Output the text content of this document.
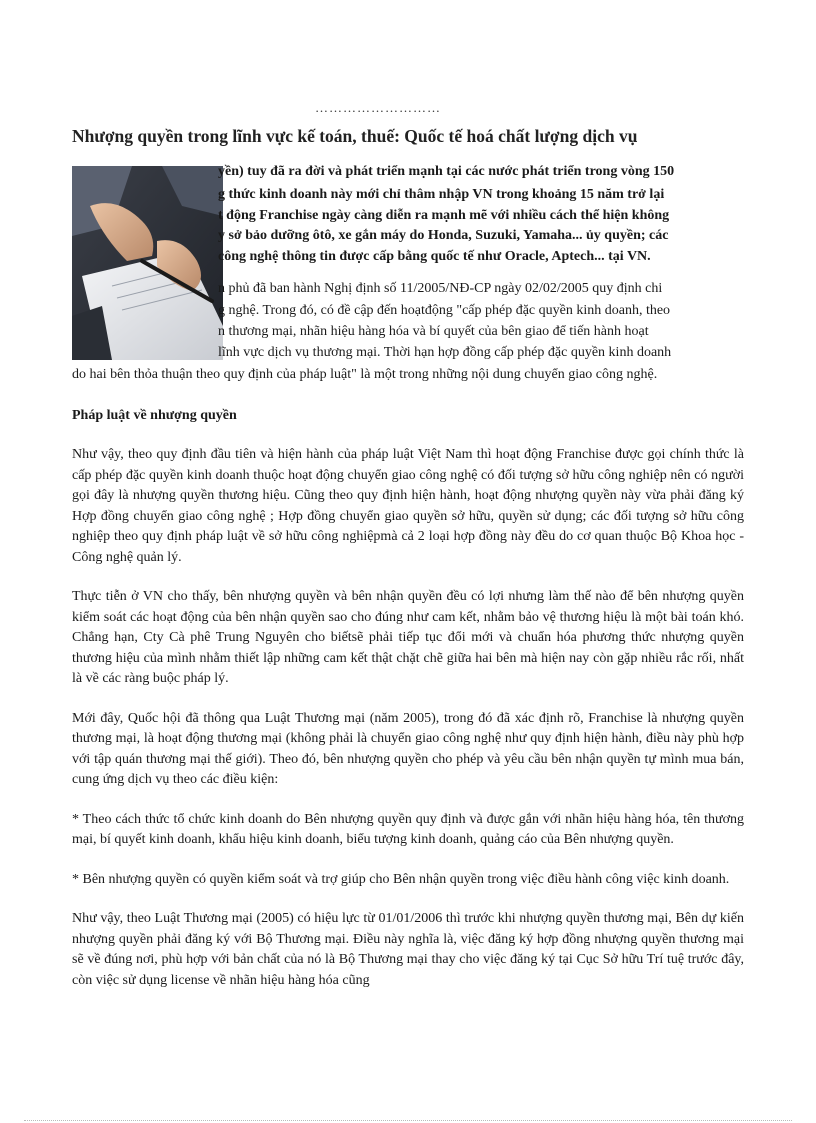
………………………
Nhượng quyền trong lĩnh vực kế toán, thuế: Quốc tế hoá chất lượng dịch vụ
yền) tuy đã ra đời và phát triển mạnh tại các nước phát triển trong vòng 150
g thức kinh doanh này mới chỉ thâm nhập VN trong khoảng 15 năm trở lại
t động Franchise ngày càng diễn ra mạnh mẽ với nhiều cách thể hiện không
y sở bảo dưỡng ôtô, xe gắn máy do Honda, Suzuki, Yamaha... ủy quyền; các
công nghệ thông tin được cấp bằng quốc tế như Oracle, Aptech... tại VN.
n phủ đã ban hành Nghị định số 11/2005/NĐ-CP ngày 02/02/2005 quy định chi
g nghệ. Trong đó, có đề cập đến hoạtđộng "cấp phép đặc quyền kinh doanh, theo
n thương mại, nhãn hiệu hàng hóa và bí quyết của bên giao để tiến hành hoạt
lĩnh vực dịch vụ thương mại. Thời hạn hợp đồng cấp phép đặc quyền kinh doanh
do hai bên thỏa thuận theo quy định của pháp luật" là một trong những nội dung chuyển giao công nghệ.
Pháp luật về nhượng quyền

Như vậy, theo quy định đầu tiên và hiện hành của pháp luật Việt Nam thì hoạt động Franchise được gọi chính thức là cấp phép đặc quyền kinh doanh thuộc hoạt động chuyển giao công nghệ có đối tượng sở hữu công nghiệp nên có người gọi đây là nhượng quyền thương hiệu. Cũng theo quy định hiện hành, hoạt động nhượng quyền này vừa phải đăng ký Hợp đồng chuyển giao công nghệ ; Hợp đồng chuyển giao quyền sở hữu, quyền sử dụng; các đối tượng sở hữu công nghiệp theo quy định pháp luật về sở hữu công nghiệpmà cả 2 loại hợp đồng này đều do cơ quan thuộc Bộ Khoa học - Công nghệ quản lý.

Thực tiễn ở VN cho thấy, bên nhượng quyền và bên nhận quyền đều có lợi nhưng làm thế nào để bên nhượng quyền kiểm soát các hoạt động của bên nhận quyền sao cho đúng như cam kết, nhằm bảo vệ thương hiệu là một bài toán khó. Chẳng hạn, Cty Cà phê Trung Nguyên cho biếtsẽ phải tiếp tục đổi mới và chuẩn hóa phương thức nhượng quyền thương hiệu của mình nhằm thiết lập những cam kết thật chặt chẽ giữa hai bên mà hiện nay còn gặp nhiều rắc rối, nhất là về các ràng buộc pháp lý.

Mới đây, Quốc hội đã thông qua Luật Thương mại (năm 2005), trong đó đã xác định rõ, Franchise là nhượng quyền thương mại, là hoạt động thương mại (không phải là chuyển giao công nghệ như quy định hiện hành, điều này phù hợp với tập quán thương mại thế giới). Theo đó, bên nhượng quyền cho phép và yêu cầu bên nhận quyền tự mình mua bán, cung ứng dịch vụ theo các điều kiện:

* Theo cách thức tổ chức kinh doanh do Bên nhượng quyền quy định và được gắn với nhãn hiệu hàng hóa, tên thương mại, bí quyết kinh doanh, khẩu hiệu kinh doanh, biểu tượng kinh doanh, quảng cáo của Bên nhượng quyền.

* Bên nhượng quyền có quyền kiểm soát và trợ giúp cho Bên nhận quyền trong việc điều hành công việc kinh doanh.

Như vậy, theo Luật Thương mại (2005) có hiệu lực từ 01/01/2006 thì trước khi nhượng quyền thương mại, Bên dự kiến nhượng quyền phải đăng ký với Bộ Thương mại. Điều này nghĩa là, việc đăng ký hợp đồng nhượng quyền thương mại sẽ về đúng nơi, phù hợp với bản chất của nó là Bộ Thương mại thay cho việc đăng ký tại Cục Sở hữu Trí tuệ trước đây, còn việc sử dụng license về nhãn hiệu hàng hóa cũng
